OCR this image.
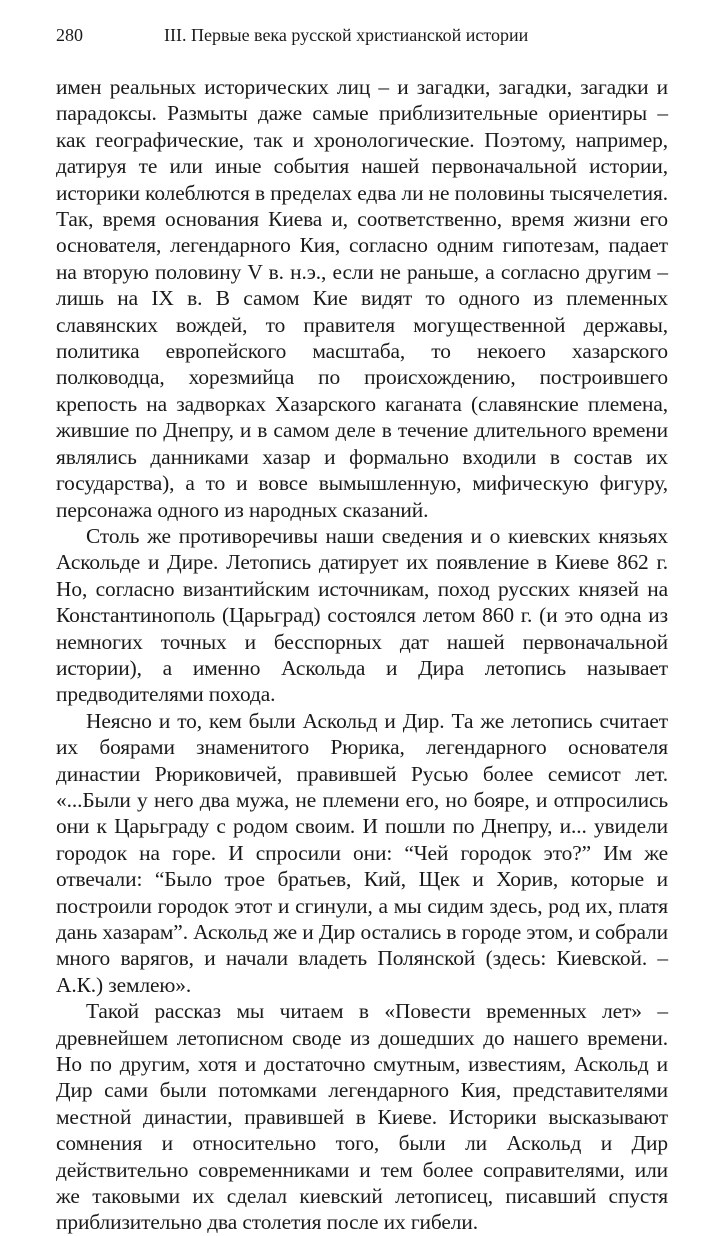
280	III. Первые века русской христианской истории

имен реальных исторических лиц – и загадки, загадки, загадки и парадоксы. Размыты даже самые приблизительные ориентиры – как географические, так и хронологические. Поэтому, например, датируя те или иные события нашей первоначальной истории, историки колеблются в пределах едва ли не половины тысячелетия. Так, время основания Киева и, соответственно, время жизни его основателя, легендарного Кия, согласно одним гипотезам, падает на вторую половину V в. н.э., если не раньше, а согласно другим – лишь на IX в. В самом Кие видят то одного из племенных славянских вождей, то правителя могущественной державы, политика европейского масштаба, то некоего хазарского полководца, хорезмийца по происхождению, построившего крепость на задворках Хазарского каганата (славянские племена, жившие по Днепру, и в самом деле в течение длительного времени являлись данниками хазар и формально входили в состав их государства), а то и вовсе вымышленную, мифическую фигуру, персонажа одного из народных сказаний.

Столь же противоречивы наши сведения и о киевских князьях Аскольде и Дире. Летопись датирует их появление в Киеве 862 г. Но, согласно византийским источникам, поход русских князей на Константинополь (Царьград) состоялся летом 860 г. (и это одна из немногих точных и бесспорных дат нашей первоначальной истории), а именно Аскольда и Дира летопись называет предводителями похода.

Неясно и то, кем были Аскольд и Дир. Та же летопись считает их боярами знаменитого Рюрика, легендарного основателя династии Рюриковичей, правившей Русью более семисот лет. «...Были у него два мужа, не племени его, но бояре, и отпросились они к Царьграду с родом своим. И пошли по Днепру, и... увидели городок на горе. И спросили они: “Чей городок это?” Им же отвечали: “Было трое братьев, Кий, Щек и Хорив, которые и построили городок этот и сгинули, а мы сидим здесь, род их, платя дань хазарам”. Аскольд же и Дир остались в городе этом, и собрали много варягов, и начали владеть Полянской (здесь: Киевской. – А.К.) землею».

Такой рассказ мы читаем в «Повести временных лет» – древнейшем летописном своде из дошедших до нашего времени. Но по другим, хотя и достаточно смутным, известиям, Аскольд и Дир сами были потомками легендарного Кия, представителями местной династии, правившей в Киеве. Историки высказывают сомнения и относительно того, были ли Аскольд и Дир действительно современниками и тем более соправителями, или же таковыми их сделал киевский летописец, писавший спустя приблизительно два столетия после их гибели.
